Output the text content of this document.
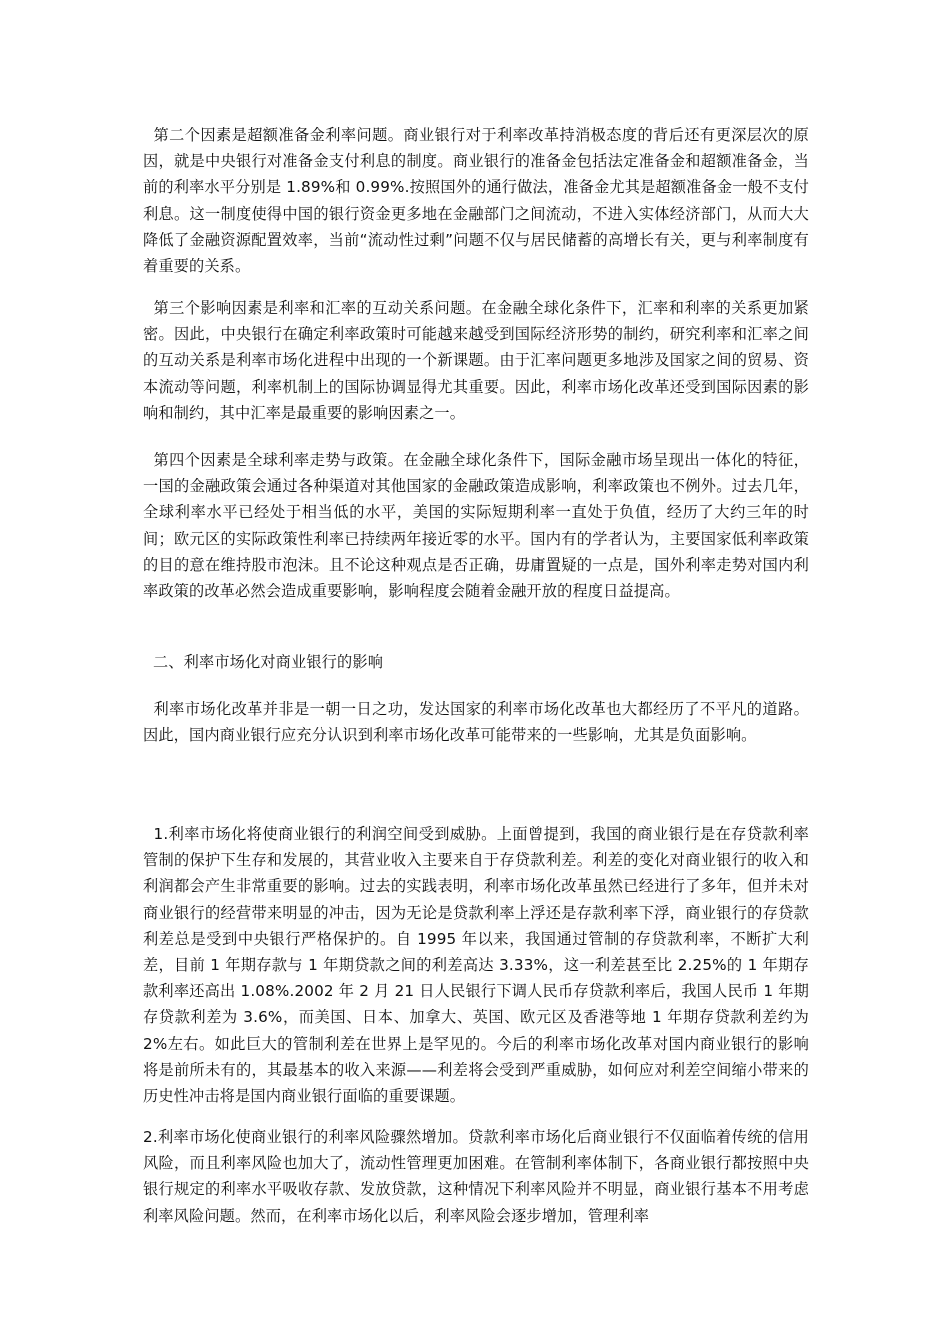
第二个因素是超额准备金利率问题。商业银行对于利率改革持消极态度的背后还有更深层次的原因，就是中央银行对准备金支付利息的制度。商业银行的准备金包括法定准备金和超额准备金，当前的利率水平分别是 1.89%和 0.99%.按照国外的通行做法，准备金尤其是超额准备金一般不支付利息。这一制度使得中国的银行资金更多地在金融部门之间流动，不进入实体经济部门，从而大大降低了金融资源配置效率，当前“流动性过剩”问题不仅与居民储蓄的高增长有关，更与利率制度有着重要的关系。
第三个影响因素是利率和汇率的互动关系问题。在金融全球化条件下，汇率和利率的关系更加紧密。因此，中央银行在确定利率政策时可能越来越受到国际经济形势的制约，研究利率和汇率之间的互动关系是利率市场化进程中出现的一个新课题。由于汇率问题更多地涉及国家之间的贸易、资本流动等问题，利率机制上的国际协调显得尤其重要。因此，利率市场化改革还受到国际因素的影响和制约，其中汇率是最重要的影响因素之一。
第四个因素是全球利率走势与政策。在金融全球化条件下，国际金融市场呈现出一体化的特征，一国的金融政策会通过各种渠道对其他国家的金融政策造成影响，利率政策也不例外。过去几年，全球利率水平已经处于相当低的水平，美国的实际短期利率一直处于负值，经历了大约三年的时间；欧元区的实际政策性利率已持续两年接近零的水平。国内有的学者认为，主要国家低利率政策的目的意在维持股市泡沫。且不论这种观点是否正确，毋庸置疑的一点是，国外利率走势对国内利率政策的改革必然会造成重要影响，影响程度会随着金融开放的程度日益提高。
二、利率市场化对商业银行的影响
利率市场化改革并非是一朝一日之功，发达国家的利率市场化改革也大都经历了不平凡的道路。因此，国内商业银行应充分认识到利率市场化改革可能带来的一些影响，尤其是负面影响。
1.利率市场化将使商业银行的利润空间受到威胁。上面曾提到，我国的商业银行是在存贷款利率管制的保护下生存和发展的，其营业收入主要来自于存贷款利差。利差的变化对商业银行的收入和利润都会产生非常重要的影响。过去的实践表明，利率市场化改革虽然已经进行了多年，但并未对商业银行的经营带来明显的冲击，因为无论是贷款利率上浮还是存款利率下浮，商业银行的存贷款利差总是受到中央银行严格保护的。自 1995 年以来，我国通过管制的存贷款利率，不断扩大利差，目前 1 年期存款与 1 年期贷款之间的利差高达 3.33%，这一利差甚至比 2.25%的 1 年期存款利率还高出 1.08%.2002 年 2 月 21 日人民银行下调人民币存贷款利率后，我国人民币 1 年期存贷款利差为 3.6%，而美国、日本、加拿大、英国、欧元区及香港等地 1 年期存贷款利差约为 2%左右。如此巨大的管制利差在世界上是罕见的。今后的利率市场化改革对国内商业银行的影响将是前所未有的，其最基本的收入来源——利差将会受到严重威胁，如何应对利差空间缩小带来的历史性冲击将是国内商业银行面临的重要课题。
2.利率市场化使商业银行的利率风险骤然增加。贷款利率市场化后商业银行不仅面临着传统的信用风险，而且利率风险也加大了，流动性管理更加困难。在管制利率体制下，各商业银行都按照中央银行规定的利率水平吸收存款、发放贷款，这种情况下利率风险并不明显，商业银行基本不用考虑利率风险问题。然而，在利率市场化以后，利率风险会逐步增加，管理利率
